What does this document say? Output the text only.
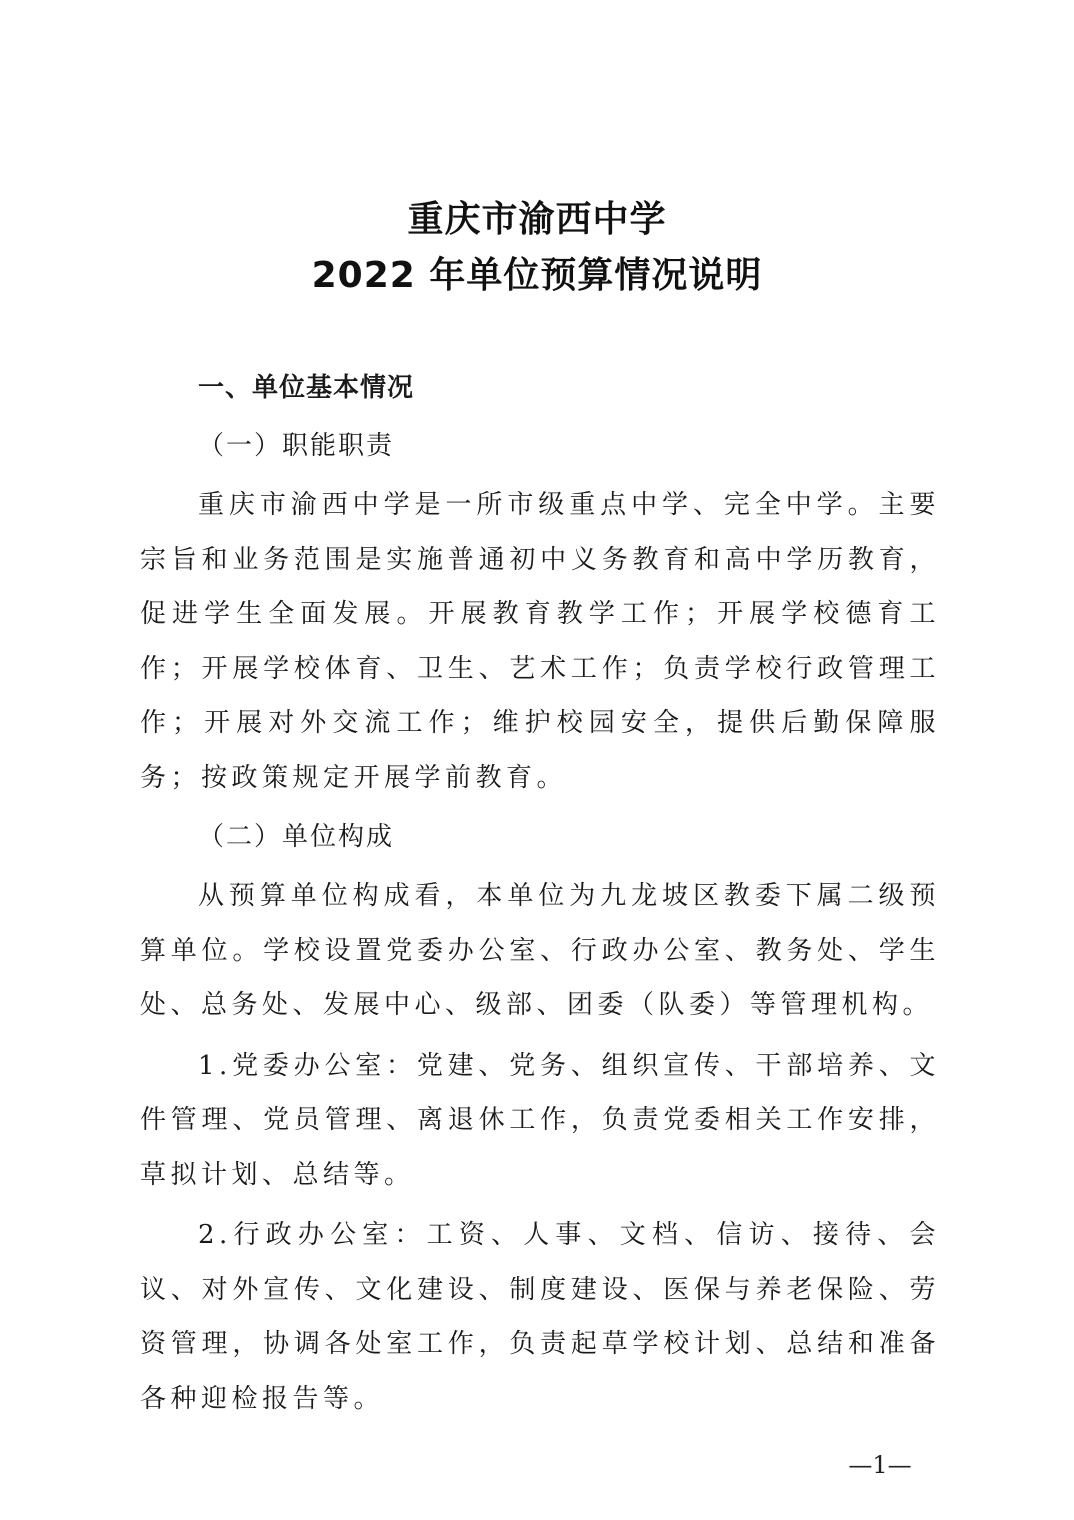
重庆市渝西中学
2022 年单位预算情况说明
一、单位基本情况
（一）职能职责

重庆市渝西中学是一所市级重点中学、完全中学。主要宗旨和业务范围是实施普通初中义务教育和高中学历教育，促进学生全面发展。开展教育教学工作；开展学校德育工作；开展学校体育、卫生、艺术工作；负责学校行政管理工作；开展对外交流工作；维护校园安全，提供后勤保障服务；按政策规定开展学前教育。

（二）单位构成

从预算单位构成看，本单位为九龙坡区教委下属二级预算单位。学校设置党委办公室、行政办公室、教务处、学生处、总务处、发展中心、级部、团委（队委）等管理机构。

1.党委办公室：党建、党务、组织宣传、干部培养、文件管理、党员管理、离退休工作，负责党委相关工作安排，草拟计划、总结等。

2.行政办公室：工资、人事、文档、信访、接待、会议、对外宣传、文化建设、制度建设、医保与养老保险、劳资管理，协调各处室工作，负责起草学校计划、总结和准备各种迎检报告等。

—1—
